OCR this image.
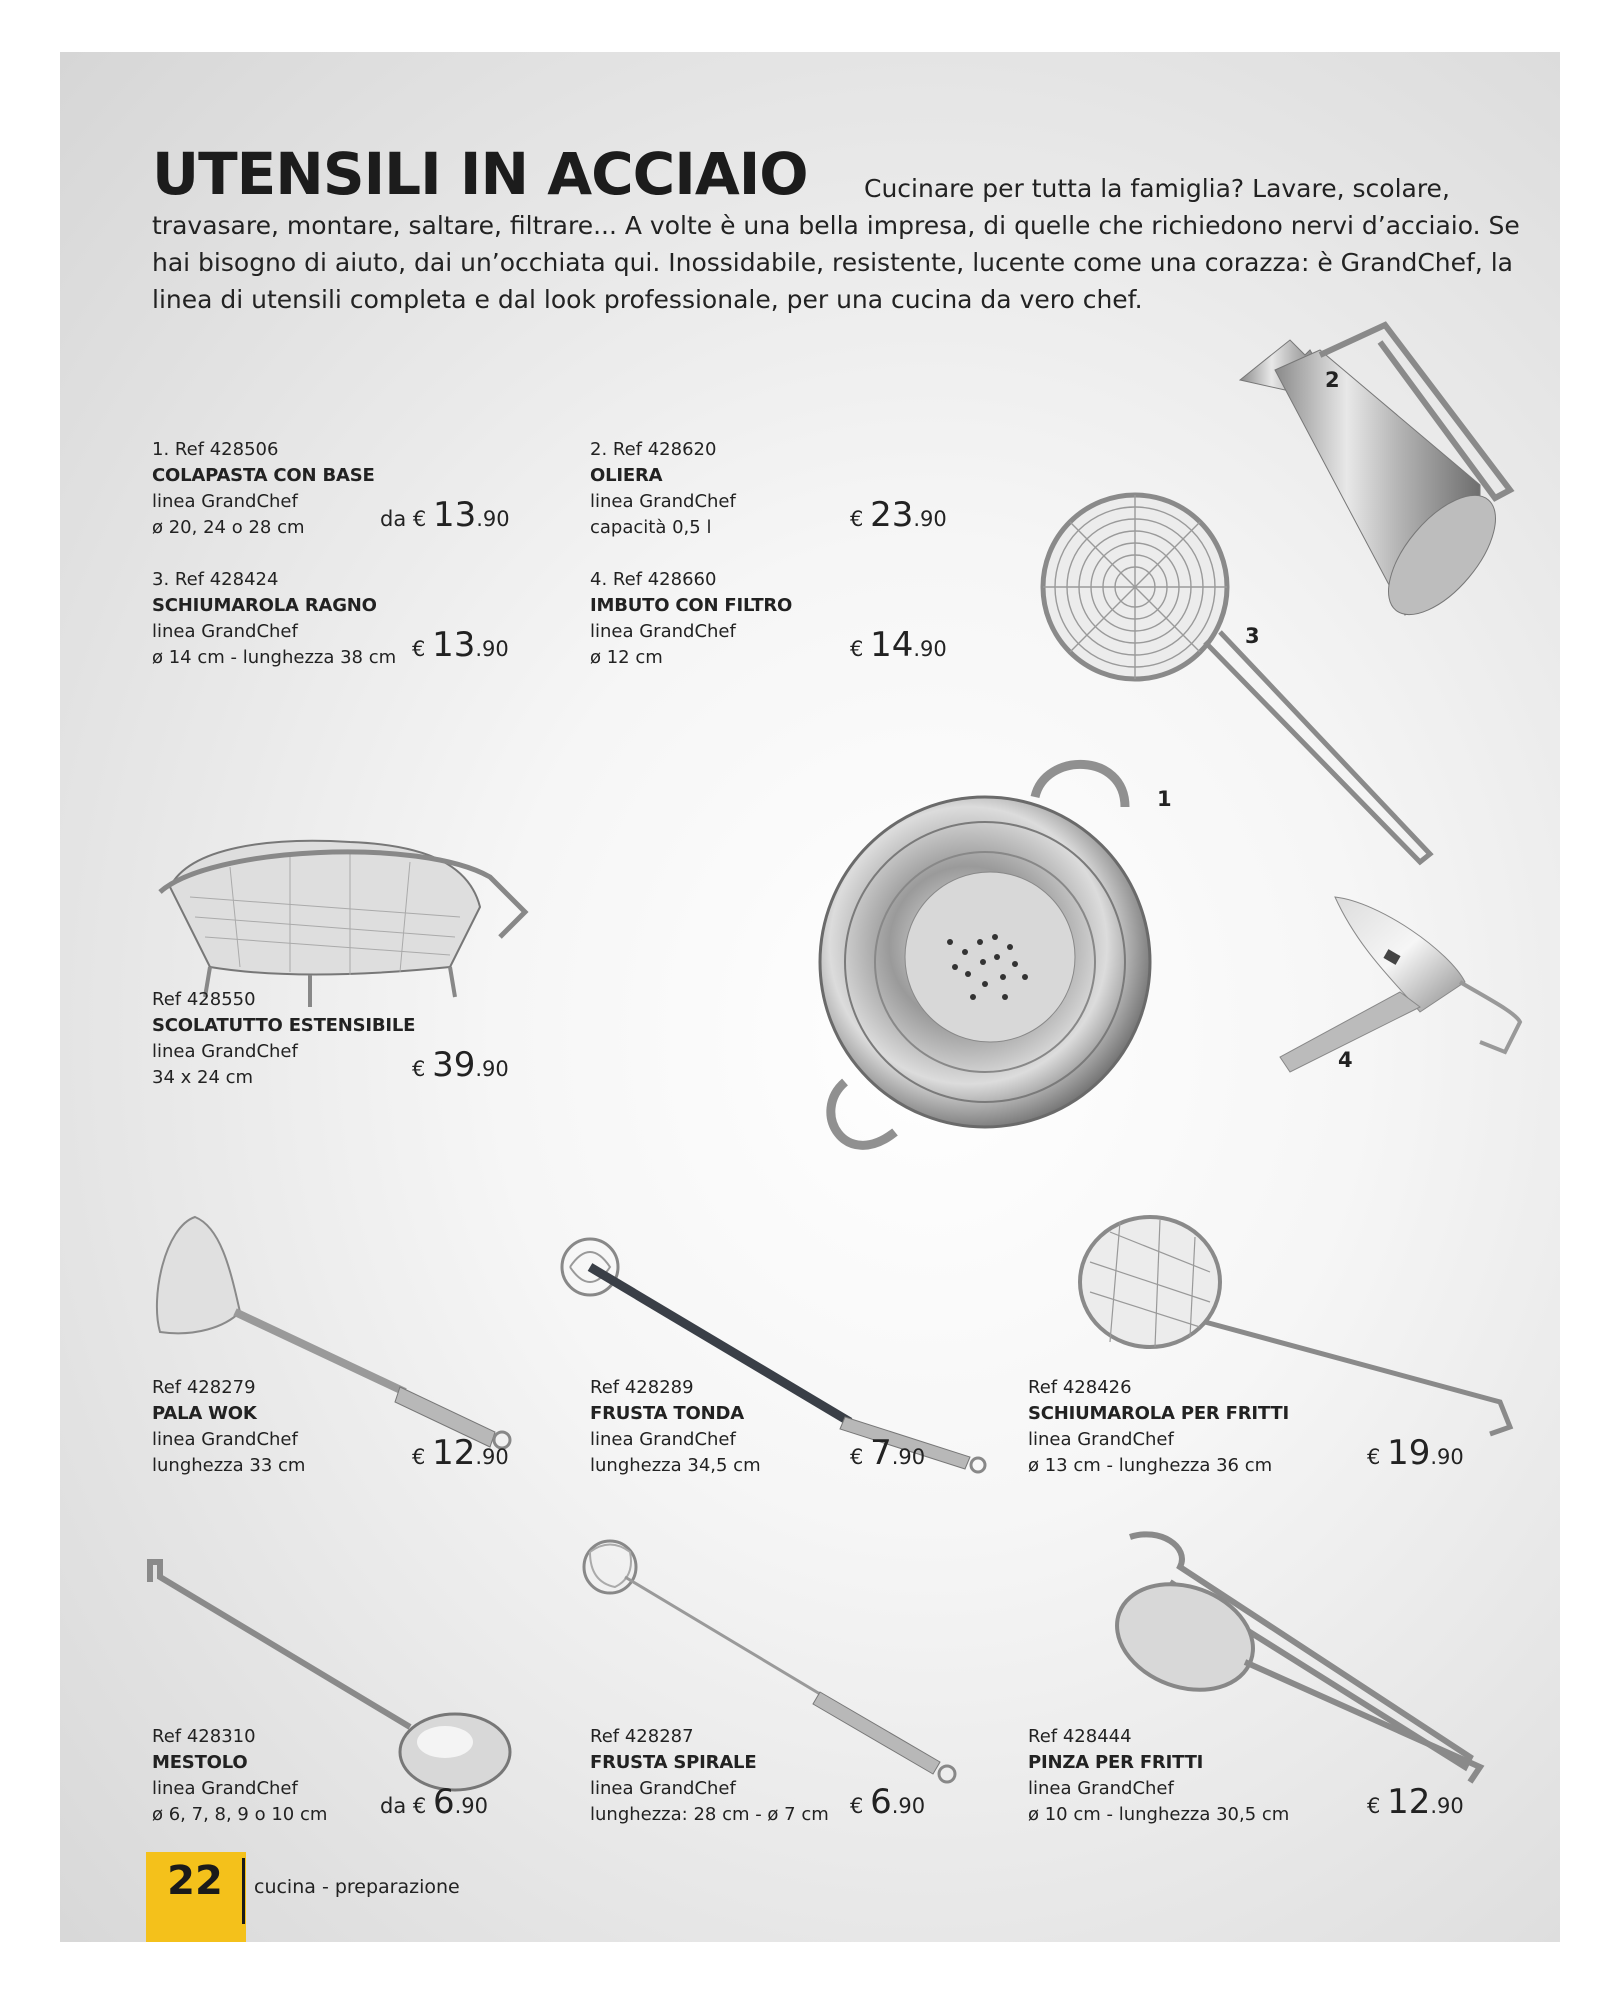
UTENSILI IN ACCIAIO	Cucinare per tutta la famiglia? Lavare, scolare, travasare, montare, saltare, filtrare... A volte è una bella impresa, di quelle che richiedono nervi d’acciaio. Se hai bisogno di aiuto, dai un’occhiata qui. Inossidabile, resistente, lucente come una corazza: è GrandChef, la linea di utensili completa e dal look professionale, per una cucina da vero chef.

2
3
1
4
1. Ref 428506
COLAPASTA CON BASE
linea GrandChef
ø 20, 24 o 28 cm	da € 13.90
2. Ref 428620
OLIERA
linea GrandChef
capacità 0,5 l	€ 23.90
3. Ref 428424
SCHIUMAROLA RAGNO
linea GrandChef
ø 14 cm - lunghezza 38 cm € 13.90
4. Ref 428660
IMBUTO CON FILTRO
linea GrandChef
ø 12 cm	€ 14.90
Ref 428550
SCOLATUTTO ESTENSIBILE
linea GrandChef
34 x 24 cm	€ 39.90
Ref 428279
PALA WOK
linea GrandChef
lunghezza 33 cm	€ 12.90
Ref 428289
FRUSTA TONDA
linea GrandChef
lunghezza 34,5 cm	€ 7.90
Ref 428426
SCHIUMAROLA PER FRITTI
linea GrandChef
ø 13 cm - lunghezza 36 cm	€ 19.90
Ref 428310
MESTOLO
linea GrandChef
ø 6, 7, 8, 9 o 10 cm	da € 6.90
Ref 428287
FRUSTA SPIRALE
linea GrandChef
lunghezza: 28 cm - ø 7 cm € 6.90
Ref 428444
PINZA PER FRITTI
linea GrandChef
ø 10 cm - lunghezza 30,5 cm	€ 12.90
22	cucina - preparazione
